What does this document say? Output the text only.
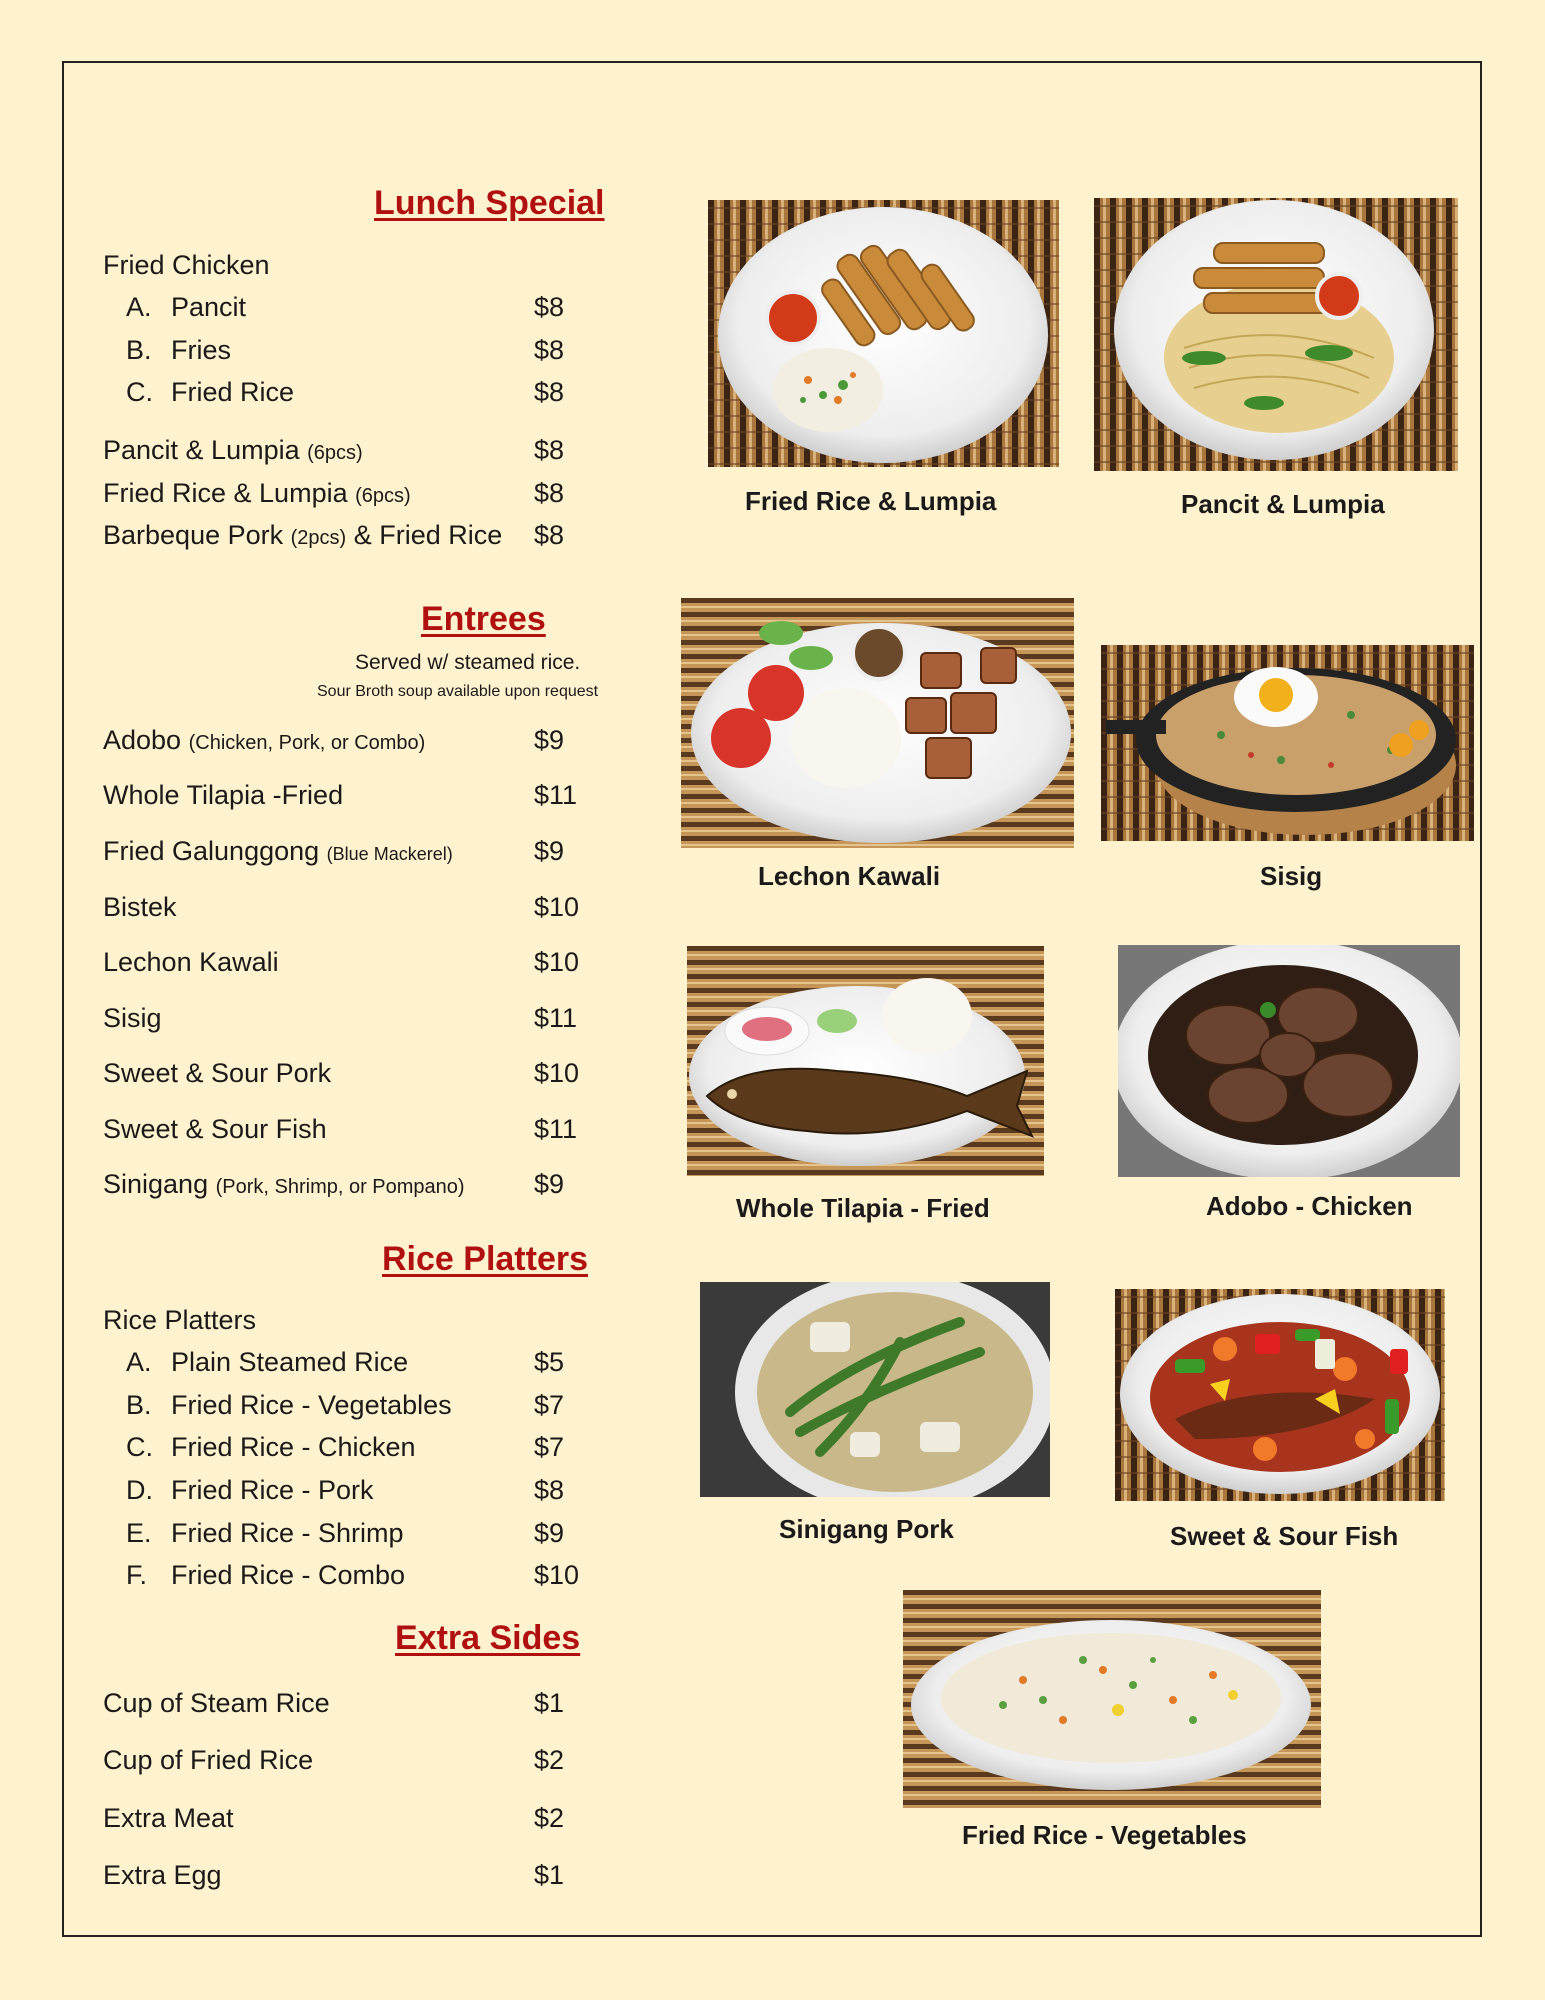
Lunch Special
Fried Chicken
A. Pancit	$8
B. Fries	$8
C. Fried Rice	$8
Pancit & Lumpia (6pcs)	$8
Fried Rice & Lumpia (6pcs)	$8
Barbeque Pork (2pcs) & Fried Rice $8
Entrees
Served w/ steamed rice.
Sour Broth soup available upon request
Adobo (Chicken, Pork, or Combo)	$9
Whole Tilapia -Fried	$11
Fried Galunggong (Blue Mackerel)	$9
Bistek	$10
Lechon Kawali	$10
Sisig	$11
Sweet & Sour Pork	$10
Sweet & Sour Fish	$11
Sinigang (Pork, Shrimp, or Pompano)	$9
Rice Platters
Rice Platters
A. Plain Steamed Rice	$5
B. Fried Rice - Vegetables	$7
C. Fried Rice - Chicken	$7
D. Fried Rice - Pork	$8
E. Fried Rice - Shrimp	$9
F. Fried Rice - Combo	$10
Extra Sides
Cup of Steam Rice	$1
Cup of Fried Rice	$2
Extra Meat	$2
Extra Egg	$1
Fried Rice & Lumpia	Pancit & Lumpia
Lechon Kawali	Sisig
Whole Tilapia - Fried	Adobo - Chicken
Sinigang Pork	Sweet & Sour Fish
Fried Rice - Vegetables
